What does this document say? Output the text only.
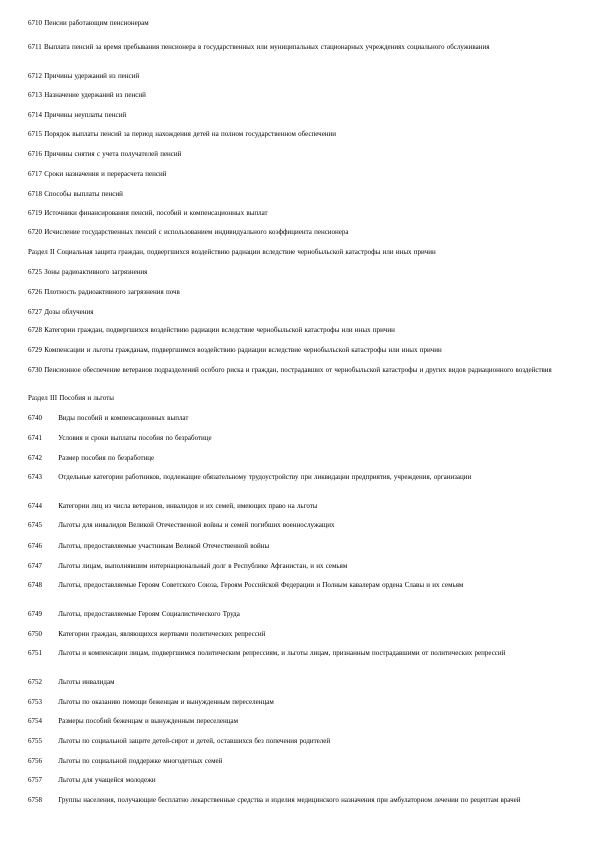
6710 Пенсии работающим пенсионерам
6711 Выплата пенсий за время пребывания пенсионера в государственных или муниципальных стационарных учреждениях социального обслуживания
6712 Причины удержаний из пенсий
6713 Назначение удержаний из пенсий
6714 Причины неуплаты пенсий
6715 Порядок выплаты пенсий за период нахождения детей на полном государственном обеспечении
6716 Причины снятия с учета получателей пенсий
6717 Сроки назначения и перерасчета пенсий
6718 Способы выплаты пенсий
6719 Источники финансирования пенсий, пособий и компенсационных выплат
6720 Исчисление государственных пенсий с использованием индивидуального коэффициента пенсионера
Раздел II Социальная защита граждан, подвергшихся воздействию радиации вследствие чернобыльской катастрофы или иных причин
6725 Зоны радиоактивного загрязнения
6726 Плотность радиоактивного загрязнения почв
6727 Дозы облучения
6728 Категории граждан, подвергшихся воздействию радиации вследствие чернобыльской катастрофы или иных причин
6729 Компенсации и льготы гражданам, подвергшимся воздействию радиации вследствие чернобыльской катастрофы или иных причин
6730 Пенсионное обеспечение ветеранов подразделений особого риска и граждан, пострадавших от чернобыльской катастрофы и других видов радиационного воздействия
Раздел III Пособия и льготы
6740 Виды пособий и компенсационных выплат
6741 Условия и сроки выплаты пособия по безработице
6742 Размер пособия по безработице
6743 Отдельные категории работников, подлежащие обязательному трудоустройству при ликвидации предприятия, учреждения, организации
6744 Категории лиц из числа ветеранов, инвалидов и их семей, имеющих право на льготы
6745 Льготы для инвалидов Великой Отечественной войны и семей погибших военнослужащих
6746 Льготы, предоставляемые участникам Великой Отечественной войны
6747 Льготы лицам, выполнявшим интернациональный долг в Республике Афганистан, и их семьям
6748 Льготы, предоставляемые Героям Советского Союза, Героям Российской Федерации и Полным кавалерам ордена Славы и их семьям
6749 Льготы, предоставляемые Героям Социалистического Труда
6750 Категории граждан, являющихся жертвами политических репрессий
6751 Льготы и компенсации лицам, подвергшимся политическим репрессиям, и льготы лицам, признанным пострадавшими от политических репрессий
6752 Льготы инвалидам
6753 Льготы по оказанию помощи беженцам и вынужденным переселенцам
6754 Размеры пособий беженцам и вынужденным переселенцам
6755 Льготы по социальной защите детей-сирот и детей, оставшихся без попечения родителей
6756 Льготы по социальной поддержке многодетных семей
6757 Льготы для учащейся молодежи
6758 Группы населения, получающие бесплатно лекарственные средства и изделия медицинского назначения при амбулаторном лечении по рецептам врачей
